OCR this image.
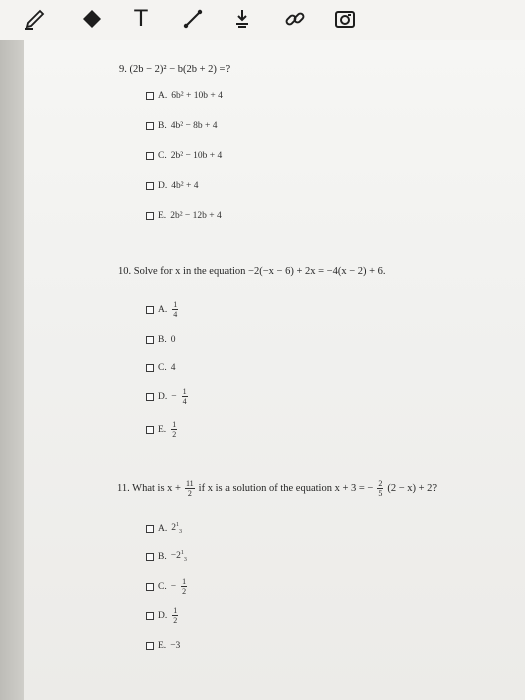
T
9. (2b − 2)² − b(2b + 2) =?
A. 6b² + 10b + 4
B. 4b² − 8b + 4
C. 2b² − 10b + 4
D. 4b² + 4
E. 2b² − 12b + 4
10. Solve for x in the equation −2(−x − 6) + 2x = −4(x − 2) + 6.
A. $\frac{1}{4}$
B. 0
C. 4
D. − $\frac{1}{4}$
E. $\frac{1}{2}$
11. What is $x + \frac{11}{2}$ if x is a solution of the equation x + 3 = − $\frac{2}{5} (2 - x) + 2$?
A. $2^1_3$
B. $-2^1_3$
C. − $\frac{1}{2}$
D. $\frac{1}{2}$
E. −3
